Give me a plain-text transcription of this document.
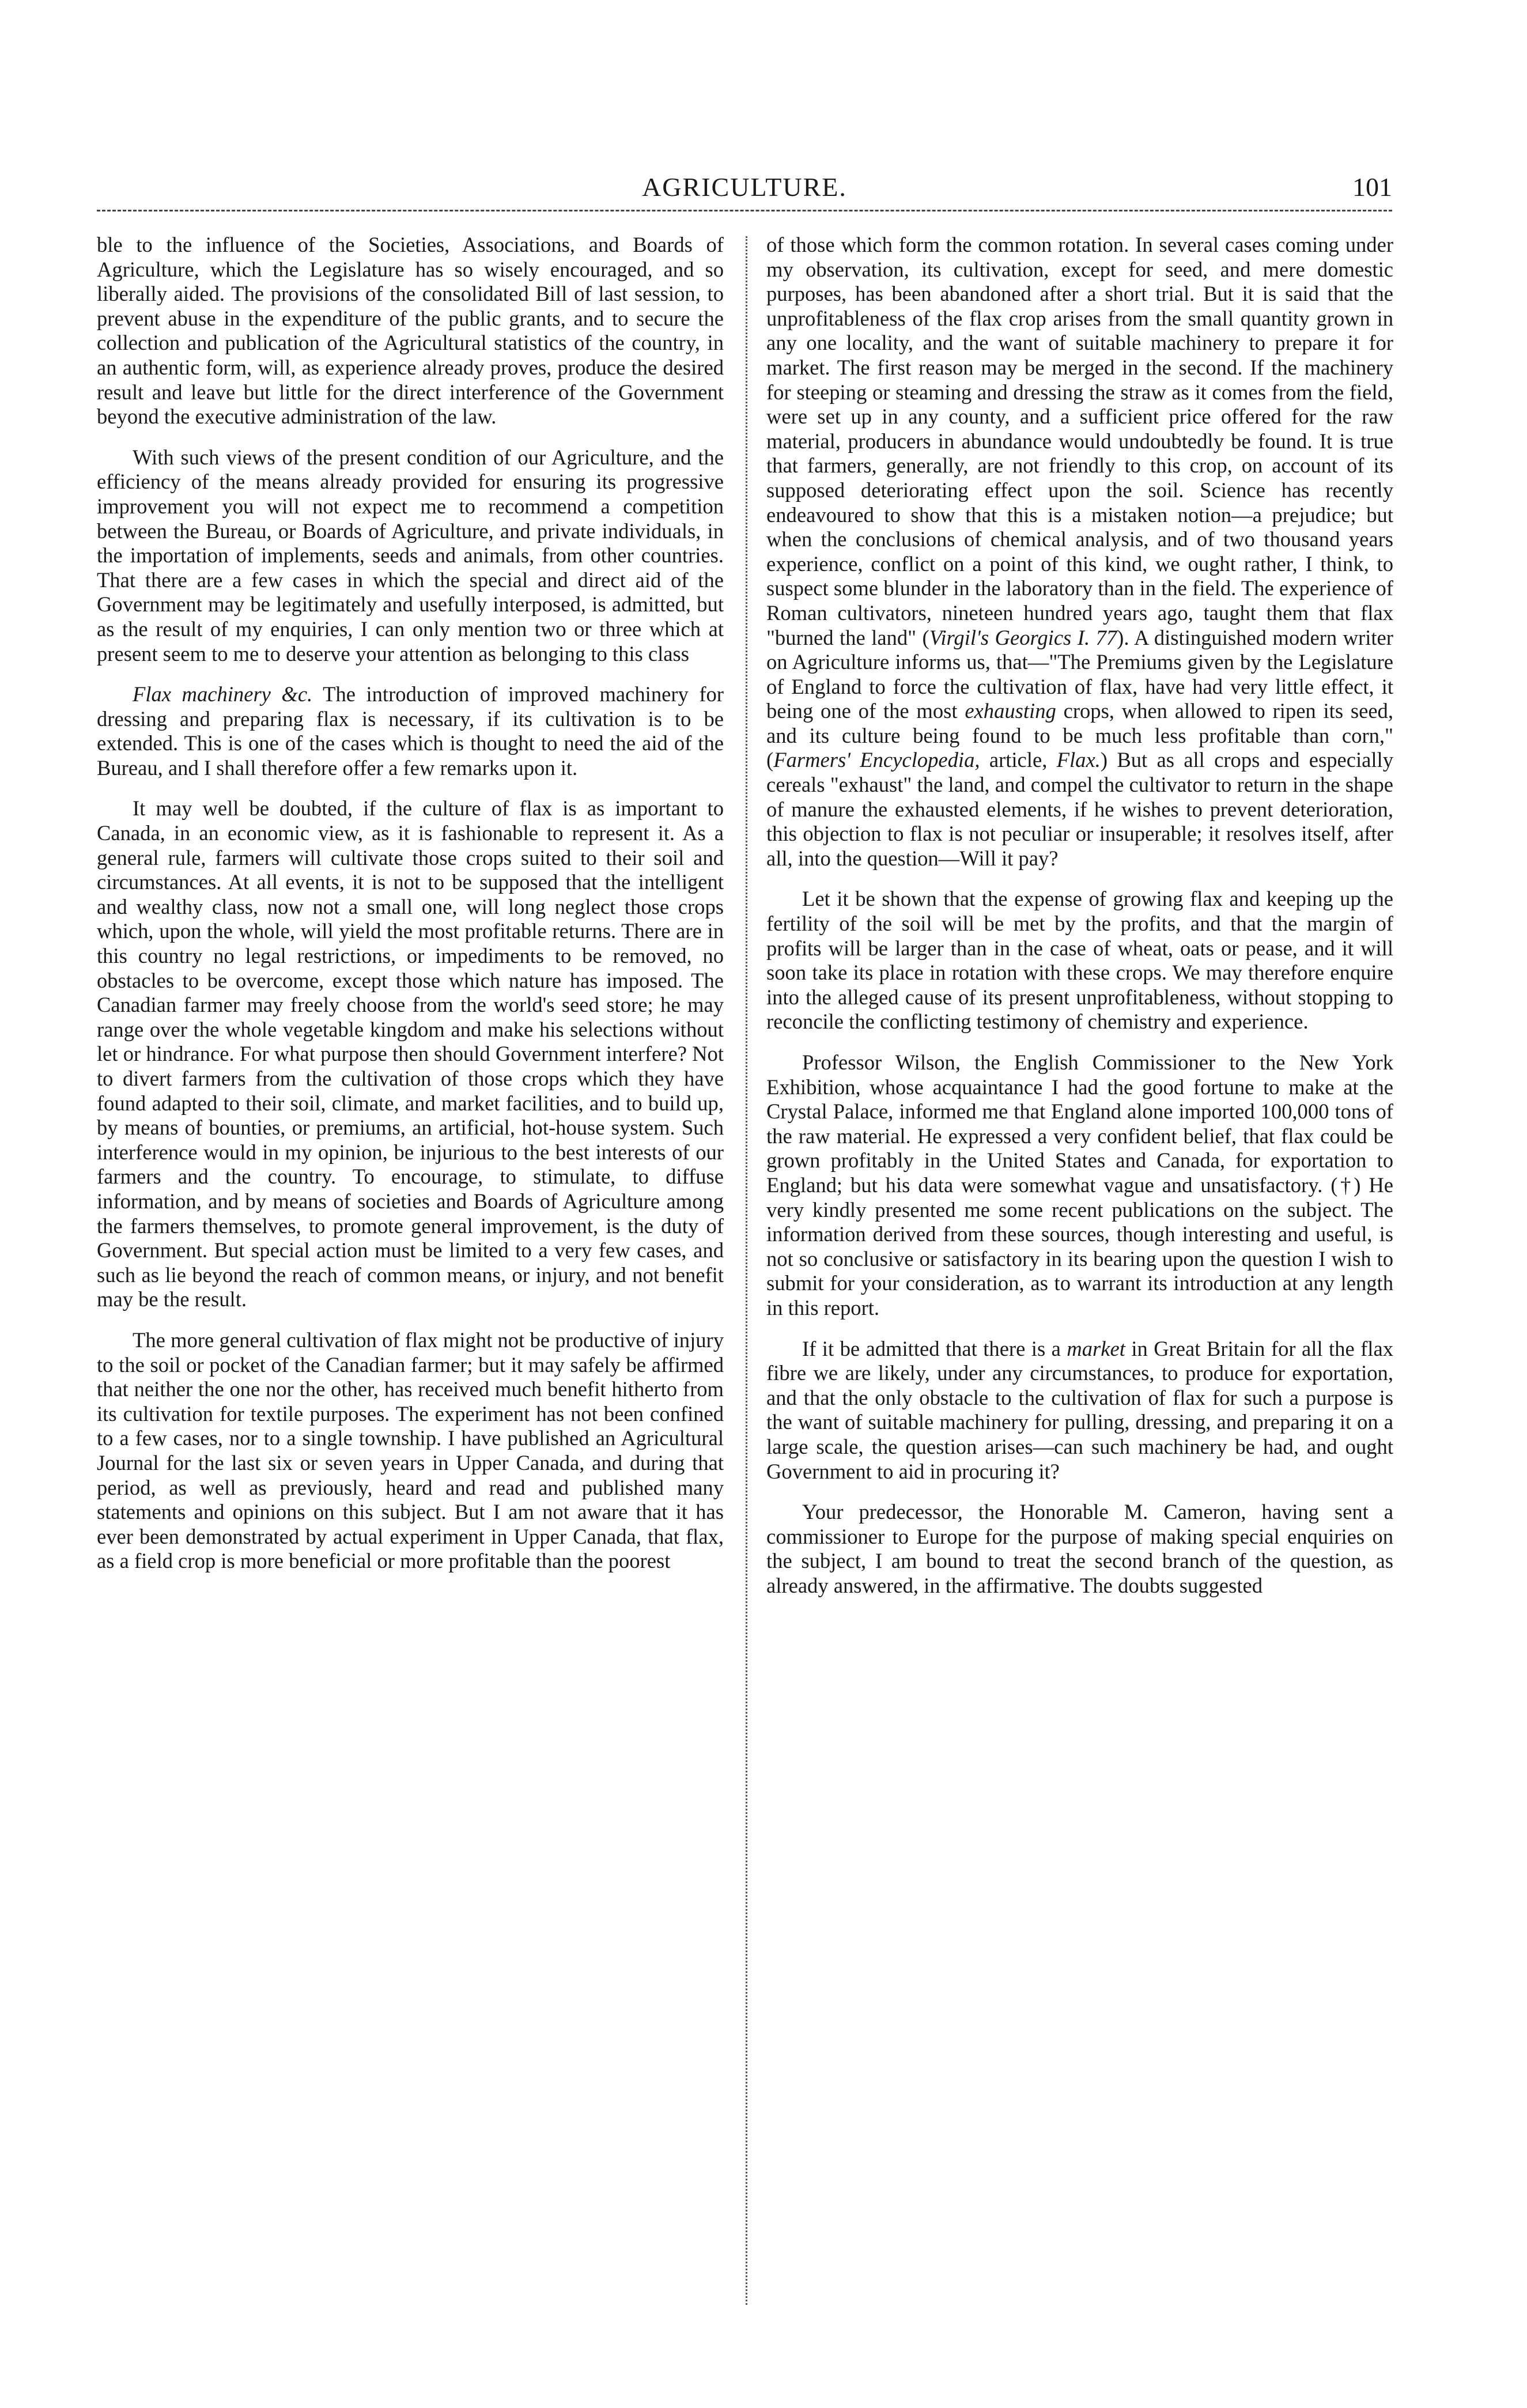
AGRICULTURE.	101

ble to the influence of the Societies, Associations, and Boards of Agriculture, which the Legislature has so wisely encouraged, and so liberally aided. The provisions of the consolidated Bill of last session, to prevent abuse in the expenditure of the public grants, and to secure the collection and publication of the Agricultural statistics of the country, in an authentic form, will, as experience already proves, produce the desired result and leave but little for the direct interference of the Government beyond the executive administration of the law.

With such views of the present condition of our Agriculture, and the efficiency of the means already provided for ensuring its progressive improvement you will not expect me to recommend a competition between the Bureau, or Boards of Agriculture, and private individuals, in the importation of implements, seeds and animals, from other countries. That there are a few cases in which the special and direct aid of the Government may be legitimately and usefully interposed, is admitted, but as the result of my enquiries, I can only mention two or three which at present seem to me to deserve your attention as belonging to this class

Flax machinery &c. The introduction of improved machinery for dressing and preparing flax is necessary, if its cultivation is to be extended. This is one of the cases which is thought to need the aid of the Bureau, and I shall therefore offer a few remarks upon it.

It may well be doubted, if the culture of flax is as important to Canada, in an economic view, as it is fashionable to represent it. As a general rule, farmers will cultivate those crops suited to their soil and circumstances. At all events, it is not to be supposed that the intelligent and wealthy class, now not a small one, will long neglect those crops which, upon the whole, will yield the most profitable returns. There are in this country no legal restrictions, or impediments to be removed, no obstacles to be overcome, except those which nature has imposed. The Canadian farmer may freely choose from the world's seed store; he may range over the whole vegetable kingdom and make his selections without let or hindrance. For what purpose then should Government interfere? Not to divert farmers from the cultivation of those crops which they have found adapted to their soil, climate, and market facilities, and to build up, by means of bounties, or premiums, an artificial, hot-house system. Such interference would in my opinion, be injurious to the best interests of our farmers and the country. To encourage, to stimulate, to diffuse information, and by means of societies and Boards of Agriculture among the farmers themselves, to promote general improvement, is the duty of Government. But special action must be limited to a very few cases, and such as lie beyond the reach of common means, or injury, and not benefit may be the result.

The more general cultivation of flax might not be productive of injury to the soil or pocket of the Canadian farmer; but it may safely be affirmed that neither the one nor the other, has received much benefit hitherto from its cultivation for textile purposes. The experiment has not been confined to a few cases, nor to a single township. I have published an Agricultural Journal for the last six or seven years in Upper Canada, and during that period, as well as previously, heard and read and published many statements and opinions on this subject. But I am not aware that it has ever been demonstrated by actual experiment in Upper Canada, that flax, as a field crop is more beneficial or more profitable than the poorest

of those which form the common rotation. In several cases coming under my observation, its cultivation, except for seed, and mere domestic purposes, has been abandoned after a short trial. But it is said that the unprofitableness of the flax crop arises from the small quantity grown in any one locality, and the want of suitable machinery to prepare it for market. The first reason may be merged in the second. If the machinery for steeping or steaming and dressing the straw as it comes from the field, were set up in any county, and a sufficient price offered for the raw material, producers in abundance would undoubtedly be found. It is true that farmers, generally, are not friendly to this crop, on account of its supposed deteriorating effect upon the soil. Science has recently endeavoured to show that this is a mistaken notion—a prejudice; but when the conclusions of chemical analysis, and of two thousand years experience, conflict on a point of this kind, we ought rather, I think, to suspect some blunder in the laboratory than in the field. The experience of Roman cultivators, nineteen hundred years ago, taught them that flax "burned the land" (Virgil's Georgics I. 77). A distinguished modern writer on Agriculture informs us, that—"The Premiums given by the Legislature of England to force the cultivation of flax, have had very little effect, it being one of the most exhausting crops, when allowed to ripen its seed, and its culture being found to be much less profitable than corn," (Farmers' Encyclopedia, article, Flax.) But as all crops and especially cereals "exhaust" the land, and compel the cultivator to return in the shape of manure the exhausted elements, if he wishes to prevent deterioration, this objection to flax is not peculiar or insuperable; it resolves itself, after all, into the question—Will it pay?

Let it be shown that the expense of growing flax and keeping up the fertility of the soil will be met by the profits, and that the margin of profits will be larger than in the case of wheat, oats or pease, and it will soon take its place in rotation with these crops. We may therefore enquire into the alleged cause of its present unprofitableness, without stopping to reconcile the conflicting testimony of chemistry and experience.

Professor Wilson, the English Commissioner to the New York Exhibition, whose acquaintance I had the good fortune to make at the Crystal Palace, informed me that England alone imported 100,000 tons of the raw material. He expressed a very confident belief, that flax could be grown profitably in the United States and Canada, for exportation to England; but his data were somewhat vague and unsatisfactory. (†) He very kindly presented me some recent publications on the subject. The information derived from these sources, though interesting and useful, is not so conclusive or satisfactory in its bearing upon the question I wish to submit for your consideration, as to warrant its introduction at any length in this report.

If it be admitted that there is a market in Great Britain for all the flax fibre we are likely, under any circumstances, to produce for exportation, and that the only obstacle to the cultivation of flax for such a purpose is the want of suitable machinery for pulling, dressing, and preparing it on a large scale, the question arises—can such machinery be had, and ought Government to aid in procuring it?

Your predecessor, the Honorable M. Cameron, having sent a commissioner to Europe for the purpose of making special enquiries on the subject, I am bound to treat the second branch of the question, as already answered, in the affirmative. The doubts suggested
